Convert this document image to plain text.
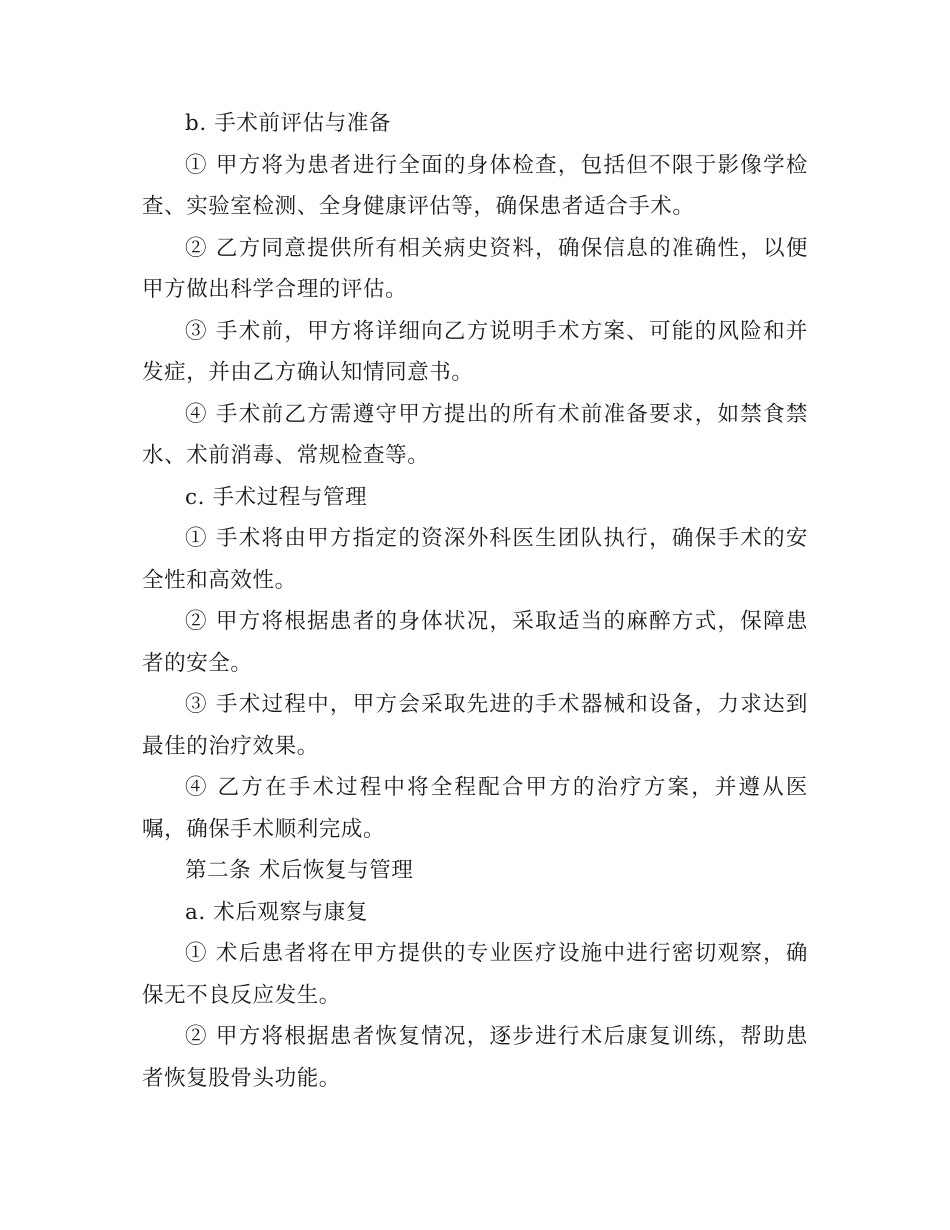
b. 手术前评估与准备

① 甲方将为患者进行全面的身体检查，包括但不限于影像学检查、实验室检测、全身健康评估等，确保患者适合手术。

② 乙方同意提供所有相关病史资料，确保信息的准确性，以便甲方做出科学合理的评估。

③ 手术前，甲方将详细向乙方说明手术方案、可能的风险和并发症，并由乙方确认知情同意书。

④ 手术前乙方需遵守甲方提出的所有术前准备要求，如禁食禁水、术前消毒、常规检查等。

c. 手术过程与管理

① 手术将由甲方指定的资深外科医生团队执行，确保手术的安全性和高效性。

② 甲方将根据患者的身体状况，采取适当的麻醉方式，保障患者的安全。

③ 手术过程中，甲方会采取先进的手术器械和设备，力求达到最佳的治疗效果。

④ 乙方在手术过程中将全程配合甲方的治疗方案，并遵从医嘱，确保手术顺利完成。

第二条 术后恢复与管理

a. 术后观察与康复

① 术后患者将在甲方提供的专业医疗设施中进行密切观察，确保无不良反应发生。

② 甲方将根据患者恢复情况，逐步进行术后康复训练，帮助患者恢复股骨头功能。
